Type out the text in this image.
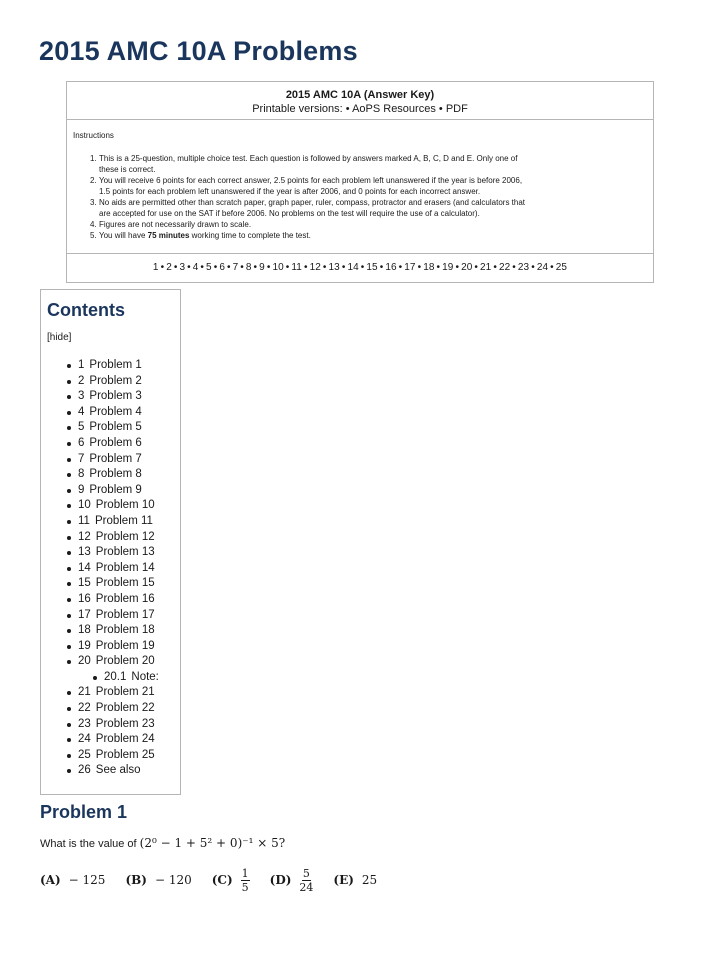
2015 AMC 10A Problems
2015 AMC 10A (Answer Key)
Printable versions: • AoPS Resources • PDF
Instructions
1. This is a 25-question, multiple choice test. Each question is followed by answers marked A, B, C, D and E. Only one of
these is correct.
2. You will receive 6 points for each correct answer, 2.5 points for each problem left unanswered if the year is before 2006,
1.5 points for each problem left unanswered if the year is after 2006, and 0 points for each incorrect answer.
3. No aids are permitted other than scratch paper, graph paper, ruler, compass, protractor and erasers (and calculators that
are accepted for use on the SAT if before 2006. No problems on the test will require the use of a calculator).
4. Figures are not necessarily drawn to scale.
5. You will have 75 minutes working time to complete the test.
1 • 2 • 3 • 4 • 5 • 6 • 7 • 8 • 9 • 10 • 11 • 12 • 13 • 14 • 15 • 16 • 17 • 18 • 19 • 20 • 21 • 22 • 23 • 24 • 25
Contents
[hide]
1 Problem 1
2 Problem 2
3 Problem 3
4 Problem 4
5 Problem 5
6 Problem 6
7 Problem 7
8 Problem 8
9 Problem 9
10 Problem 10
11 Problem 11
12 Problem 12
13 Problem 13
14 Problem 14
15 Problem 15
16 Problem 16
17 Problem 17
18 Problem 18
19 Problem 19
20 Problem 20
20.1 Note:
21 Problem 21
22 Problem 22
23 Problem 23
24 Problem 24
25 Problem 25
26 See also
Problem 1
What is the value of (2⁰ − 1 + 5² + 0)⁻¹ × 5?
(A) − 125 (B) − 120 $(C) \frac{1}{5} (D) \frac{5}{24} (E)$ 25
